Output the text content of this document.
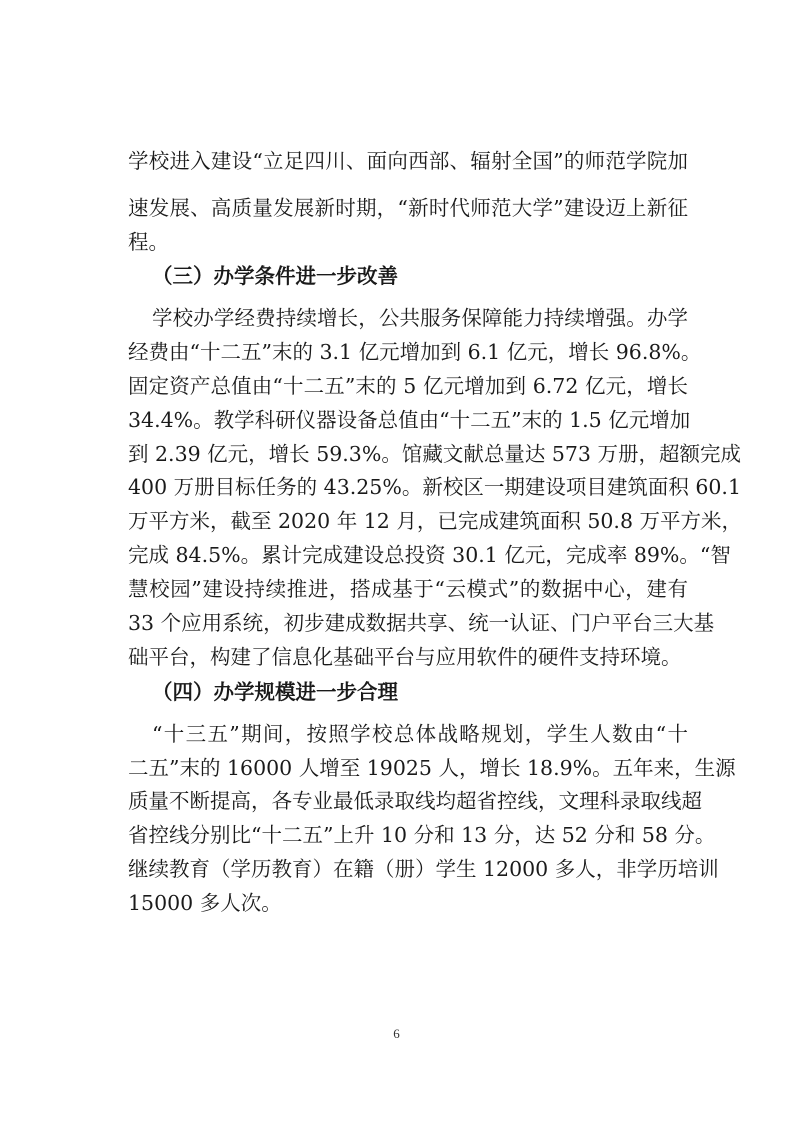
学校进入建设“立足四川、面向西部、辐射全国”的师范学院加
速发展、高质量发展新时期，“新时代师范大学”建设迈上新征
程。
（三）办学条件进一步改善
学校办学经费持续增长，公共服务保障能力持续增强。办学
经费由“十二五”末的 3.1 亿元增加到 6.1 亿元，增长 96.8%。
固定资产总值由“十二五”末的 5 亿元增加到 6.72 亿元，增长
34.4%。教学科研仪器设备总值由“十二五”末的 1.5 亿元增加
到 2.39 亿元，增长 59.3%。馆藏文献总量达 573 万册，超额完成
400 万册目标任务的 43.25%。新校区一期建设项目建筑面积 60.1
万平方米，截至 2020 年 12 月，已完成建筑面积 50.8 万平方米，
完成 84.5%。累计完成建设总投资 30.1 亿元，完成率 89%。“智
慧校园”建设持续推进，搭成基于“云模式”的数据中心，建有
33 个应用系统，初步建成数据共享、统一认证、门户平台三大基
础平台，构建了信息化基础平台与应用软件的硬件支持环境。
（四）办学规模进一步合理
“十三五”期间，按照学校总体战略规划，学生人数由“十
二五”末的 16000 人增至 19025 人，增长 18.9%。五年来，生源
质量不断提高，各专业最低录取线均超省控线，文理科录取线超
省控线分别比“十二五”上升 10 分和 13 分，达 52 分和 58 分。
继续教育（学历教育）在籍（册）学生 12000 多人，非学历培训
15000 多人次。
6
